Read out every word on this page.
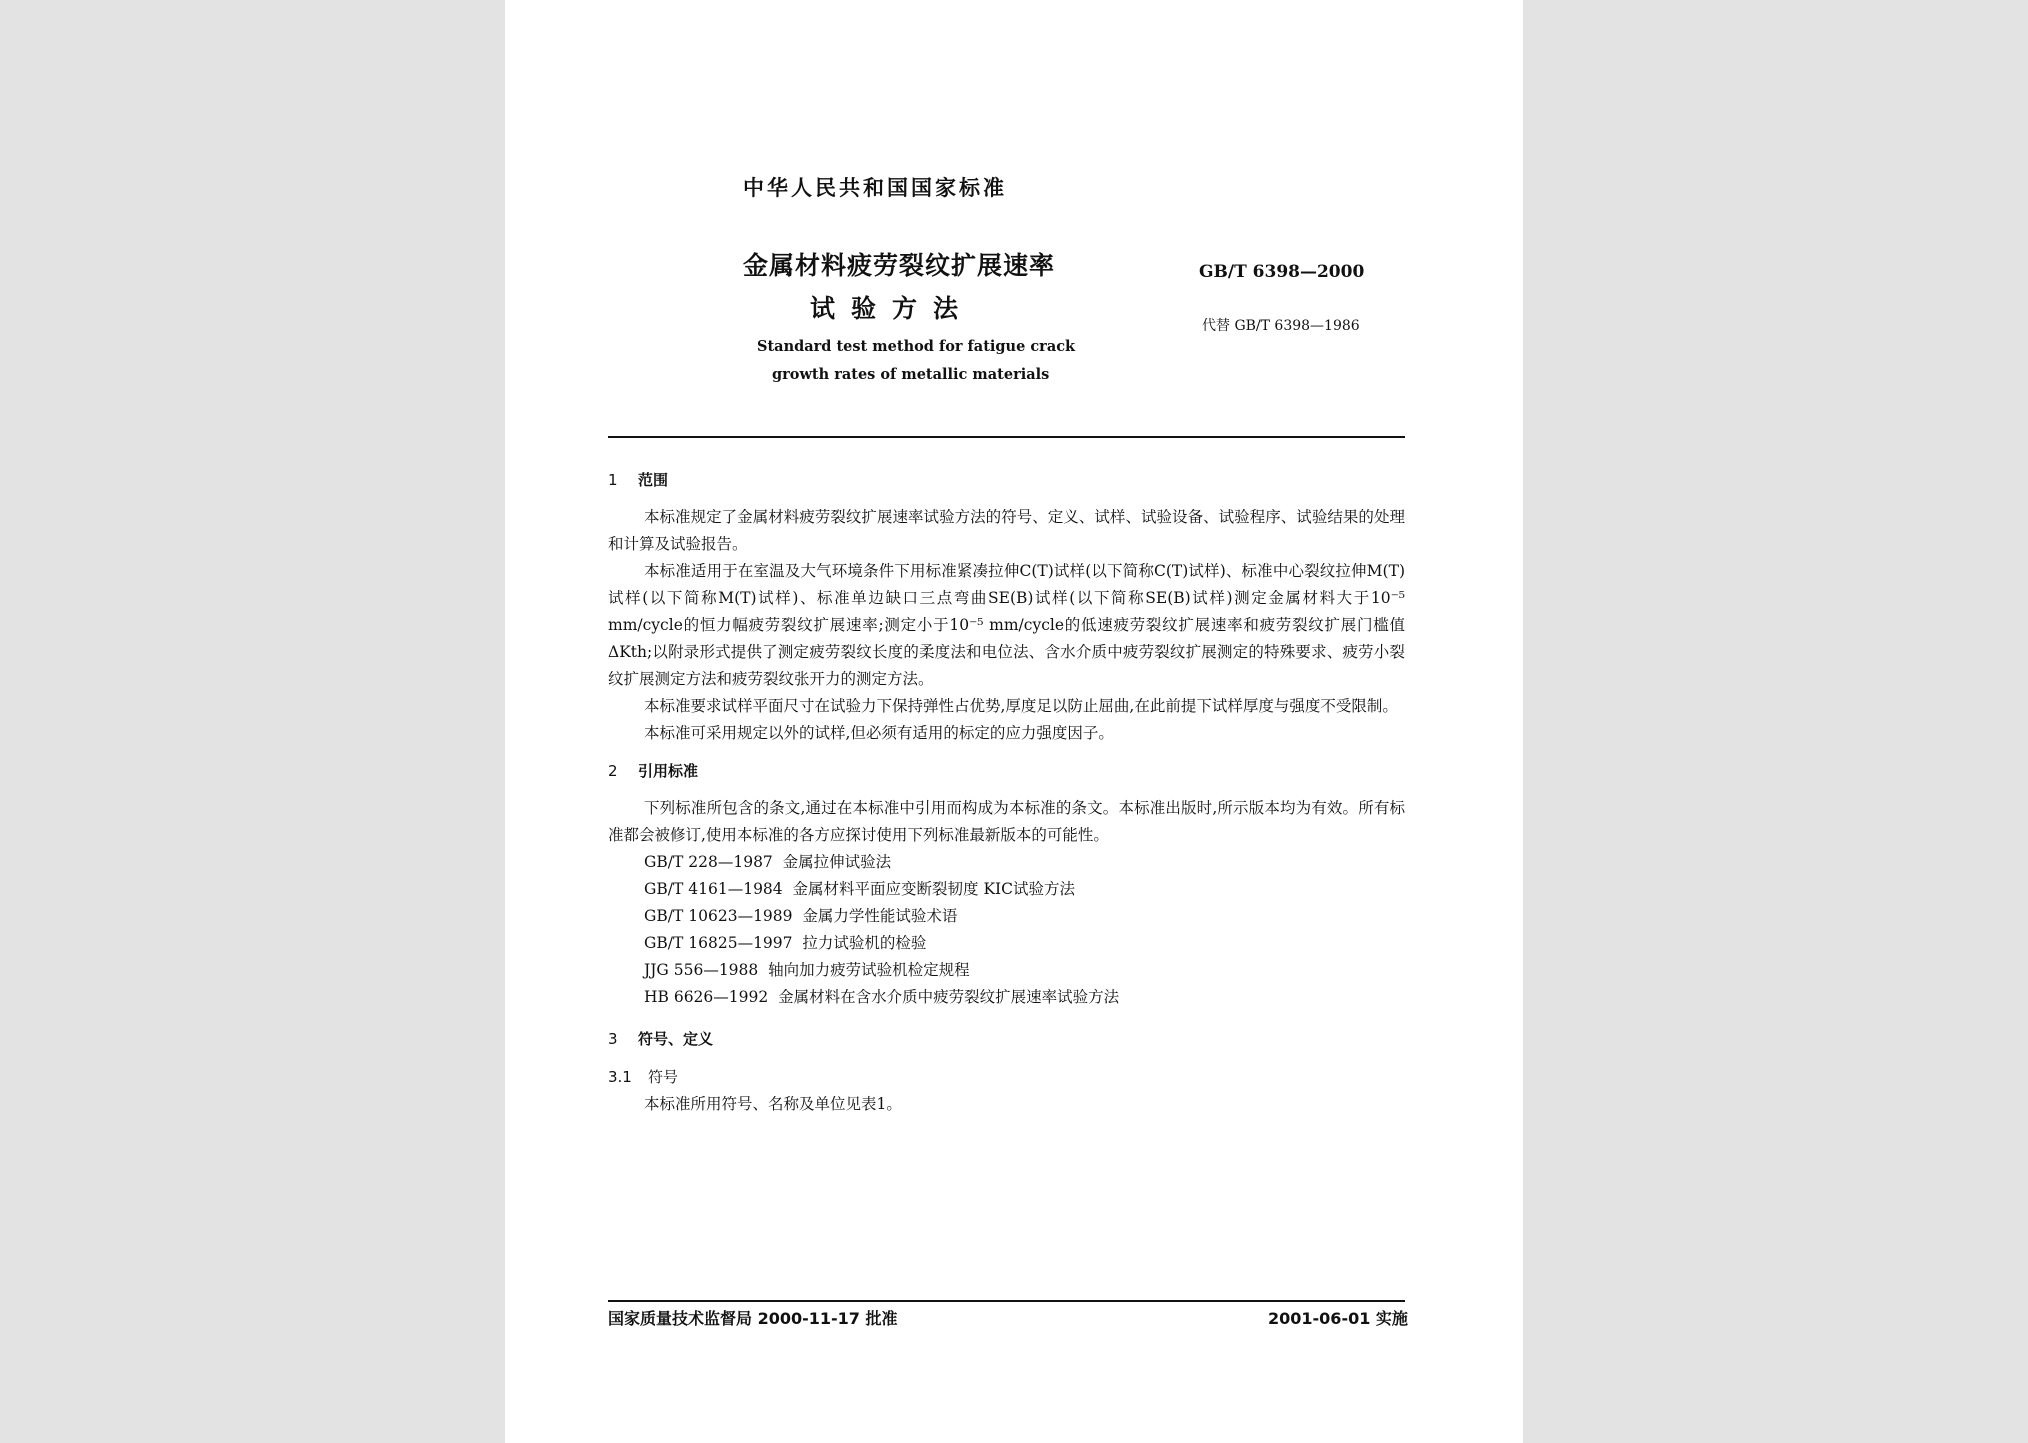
中华人民共和国国家标准
金属材料疲劳裂纹扩展速率
试验方法
Standard test method for fatigue crack
growth rates of metallic materials
GB/T 6398—2000
代替 GB/T 6398—1986
1 范围

本标准规定了金属材料疲劳裂纹扩展速率试验方法的符号、定义、试样、试验设备、试验程序、试验结果的处理和计算及试验报告。

本标准适用于在室温及大气环境条件下用标准紧凑拉伸C(T)试样(以下简称C(T)试样)、标准中心裂纹拉伸M(T)试样(以下简称M(T)试样)、标准单边缺口三点弯曲SE(B)试样(以下简称SE(B)试样)测定金属材料大于10⁻⁵ mm/cycle的恒力幅疲劳裂纹扩展速率;测定小于10⁻⁵ mm/cycle的低速疲劳裂纹扩展速率和疲劳裂纹扩展门槛值ΔKth;以附录形式提供了测定疲劳裂纹长度的柔度法和电位法、含水介质中疲劳裂纹扩展测定的特殊要求、疲劳小裂纹扩展测定方法和疲劳裂纹张开力的测定方法。

本标准要求试样平面尺寸在试验力下保持弹性占优势,厚度足以防止屈曲,在此前提下试样厚度与强度不受限制。

本标准可采用规定以外的试样,但必须有适用的标定的应力强度因子。

2 引用标准

下列标准所包含的条文,通过在本标准中引用而构成为本标准的条文。本标准出版时,所示版本均为有效。所有标准都会被修订,使用本标准的各方应探讨使用下列标准最新版本的可能性。

GB/T 228—1987 金属拉伸试验法

GB/T 4161—1984 金属材料平面应变断裂韧度 KIC试验方法

GB/T 10623—1989 金属力学性能试验术语

GB/T 16825—1997 拉力试验机的检验

JJG 556—1988 轴向加力疲劳试验机检定规程

HB 6626—1992 金属材料在含水介质中疲劳裂纹扩展速率试验方法

3 符号、定义
3.1 符号

本标准所用符号、名称及单位见表1。

国家质量技术监督局 2000-11-17 批准	2001-06-01 实施
